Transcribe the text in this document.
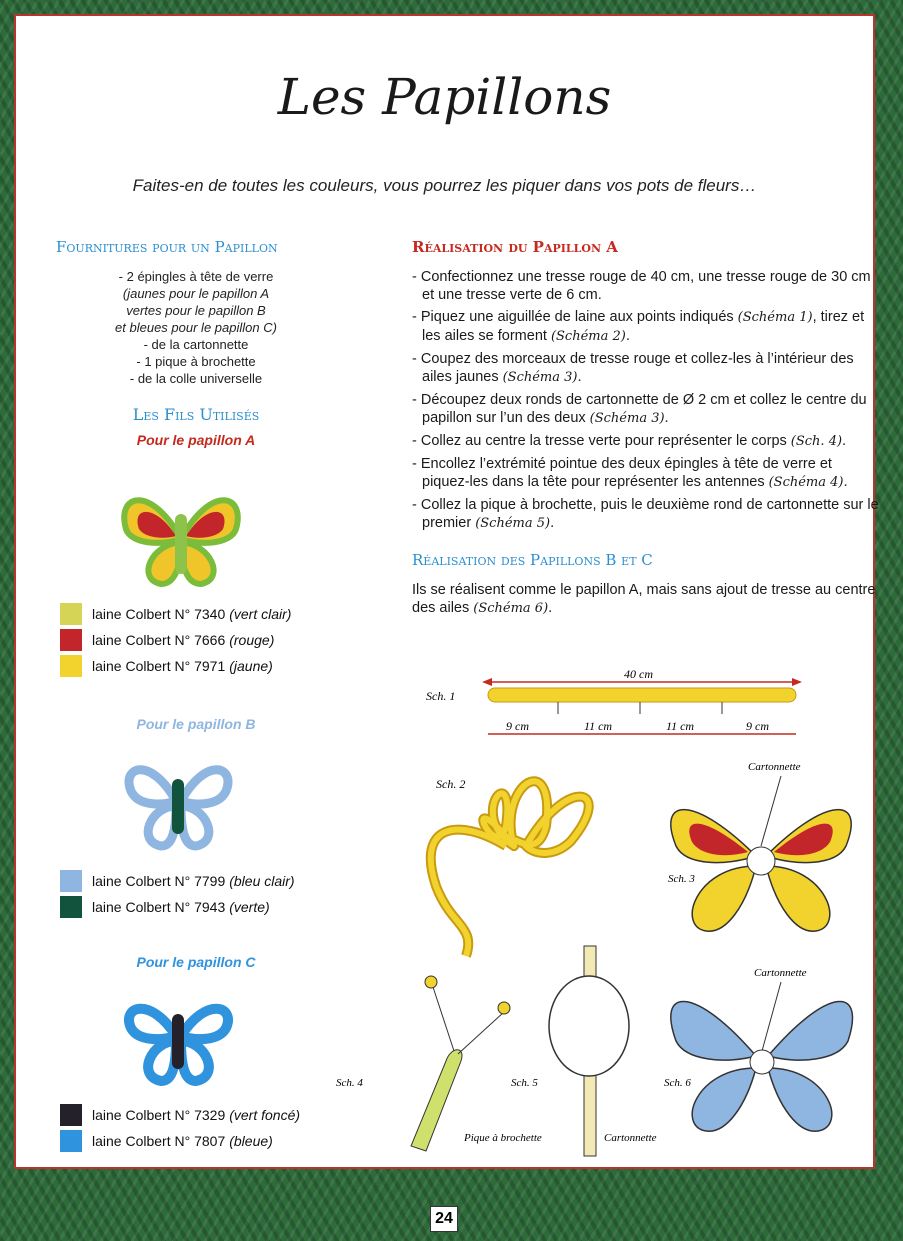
Les Papillons
Faites-en de toutes les couleurs, vous pourrez les piquer dans vos pots de fleurs…
Fournitures pour un Papillon
- 2 épingles à tête de verre
(jaunes pour le papillon A
vertes pour le papillon B
et bleues pour le papillon C)
- de la cartonnette
- 1 pique à brochette
- de la colle universelle
Les Fils Utilisés
Pour le papillon A
laine Colbert N° 7340 (vert clair)
laine Colbert N° 7666 (rouge)
laine Colbert N° 7971 (jaune)
Pour le papillon B
laine Colbert N° 7799 (bleu clair)
laine Colbert N° 7943 (verte)
Pour le papillon C
laine Colbert N° 7329 (vert foncé)
laine Colbert N° 7807 (bleue)
Réalisation du Papillon A

- Confectionnez une tresse rouge de 40 cm, une tresse rouge de 30 cm et une tresse verte de 6 cm.

- Piquez une aiguillée de laine aux points indiqués (Schéma 1), tirez et les ailes se forment (Schéma 2).

- Coupez des morceaux de tresse rouge et collez-les à l’intérieur des ailes jaunes (Schéma 3).

- Découpez deux ronds de cartonnette de Ø 2 cm et collez le centre du papillon sur l’un des deux (Schéma 3).

- Collez au centre la tresse verte pour représenter le corps (Sch. 4).

- Encollez l’extrémité pointue des deux épingles à tête de verre et piquez-les dans la tête pour représenter les antennes (Schéma 4).

- Collez la pique à brochette, puis le deuxième rond de cartonnette sur le premier (Schéma 5).

Réalisation des Papillons B et C
Ils se réalisent comme le papillon A, mais sans ajout de tresse au centre des ailes (Schéma 6).
Sch. 1
40 cm
9 cm	11 cm	11 cm	9 cm
Sch. 2
Cartonnette
Sch. 3
Sch. 4	Sch. 5
Pique à brochette	Cartonnette
Cartonnette
Sch. 6
24
